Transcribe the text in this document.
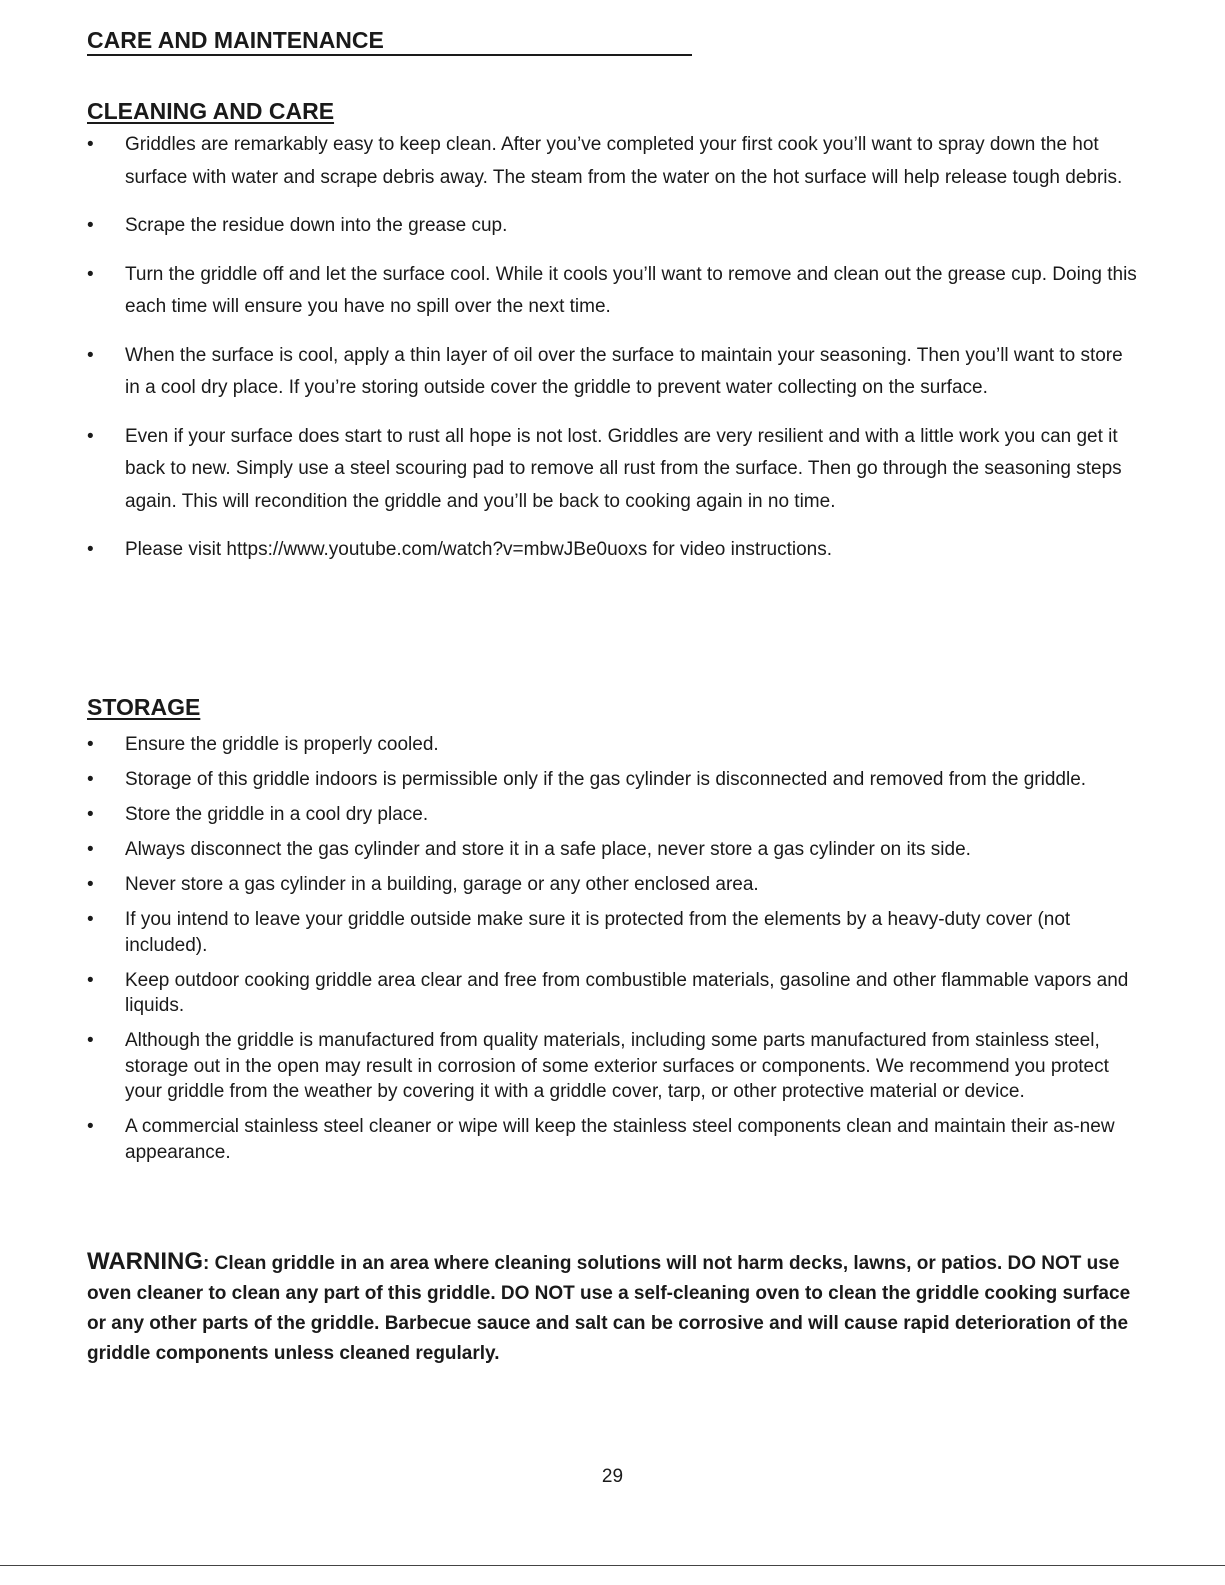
CARE AND MAINTENANCE
CLEANING AND CARE
• Griddles are remarkably easy to keep clean. After you’ve completed your first cook you’ll want to spray down the hot surface with water and scrape debris away. The steam from the water on the hot surface will help release tough debris.
• Scrape the residue down into the grease cup.
• Turn the griddle off and let the surface cool. While it cools you’ll want to remove and clean out the grease cup. Doing this each time will ensure you have no spill over the next time.
• When the surface is cool, apply a thin layer of oil over the surface to maintain your seasoning. Then you’ll want to store in a cool dry place. If you’re storing outside cover the griddle to prevent water collecting on the surface.
• Even if your surface does start to rust all hope is not lost. Griddles are very resilient and with a little work you can get it back to new. Simply use a steel scouring pad to remove all rust from the surface. Then go through the seasoning steps again. This will recondition the griddle and you’ll be back to cooking again in no time.
• Please visit https://www.youtube.com/watch?v=mbwJBe0uoxs for video instructions.
STORAGE
• Ensure the griddle is properly cooled.
• Storage of this griddle indoors is permissible only if the gas cylinder is disconnected and removed from the griddle.
• Store the griddle in a cool dry place.
• Always disconnect the gas cylinder and store it in a safe place, never store a gas cylinder on its side.
• Never store a gas cylinder in a building, garage or any other enclosed area.
• If you intend to leave your griddle outside make sure it is protected from the elements by a heavy-duty cover (not included).
• Keep outdoor cooking griddle area clear and free from combustible materials, gasoline and other flammable vapors and liquids.
• Although the griddle is manufactured from quality materials, including some parts manufactured from stainless steel, storage out in the open may result in corrosion of some exterior surfaces or components. We recommend you protect your griddle from the weather by covering it with a griddle cover, tarp, or other protective material or device.
• A commercial stainless steel cleaner or wipe will keep the stainless steel components clean and maintain their as-new appearance.

WARNING: Clean griddle in an area where cleaning solutions will not harm decks, lawns, or patios. DO NOT use oven cleaner to clean any part of this griddle. DO NOT use a self-cleaning oven to clean the griddle cooking surface or any other parts of the griddle. Barbecue sauce and salt can be corrosive and will cause rapid deterioration of the griddle components unless cleaned regularly.

29
